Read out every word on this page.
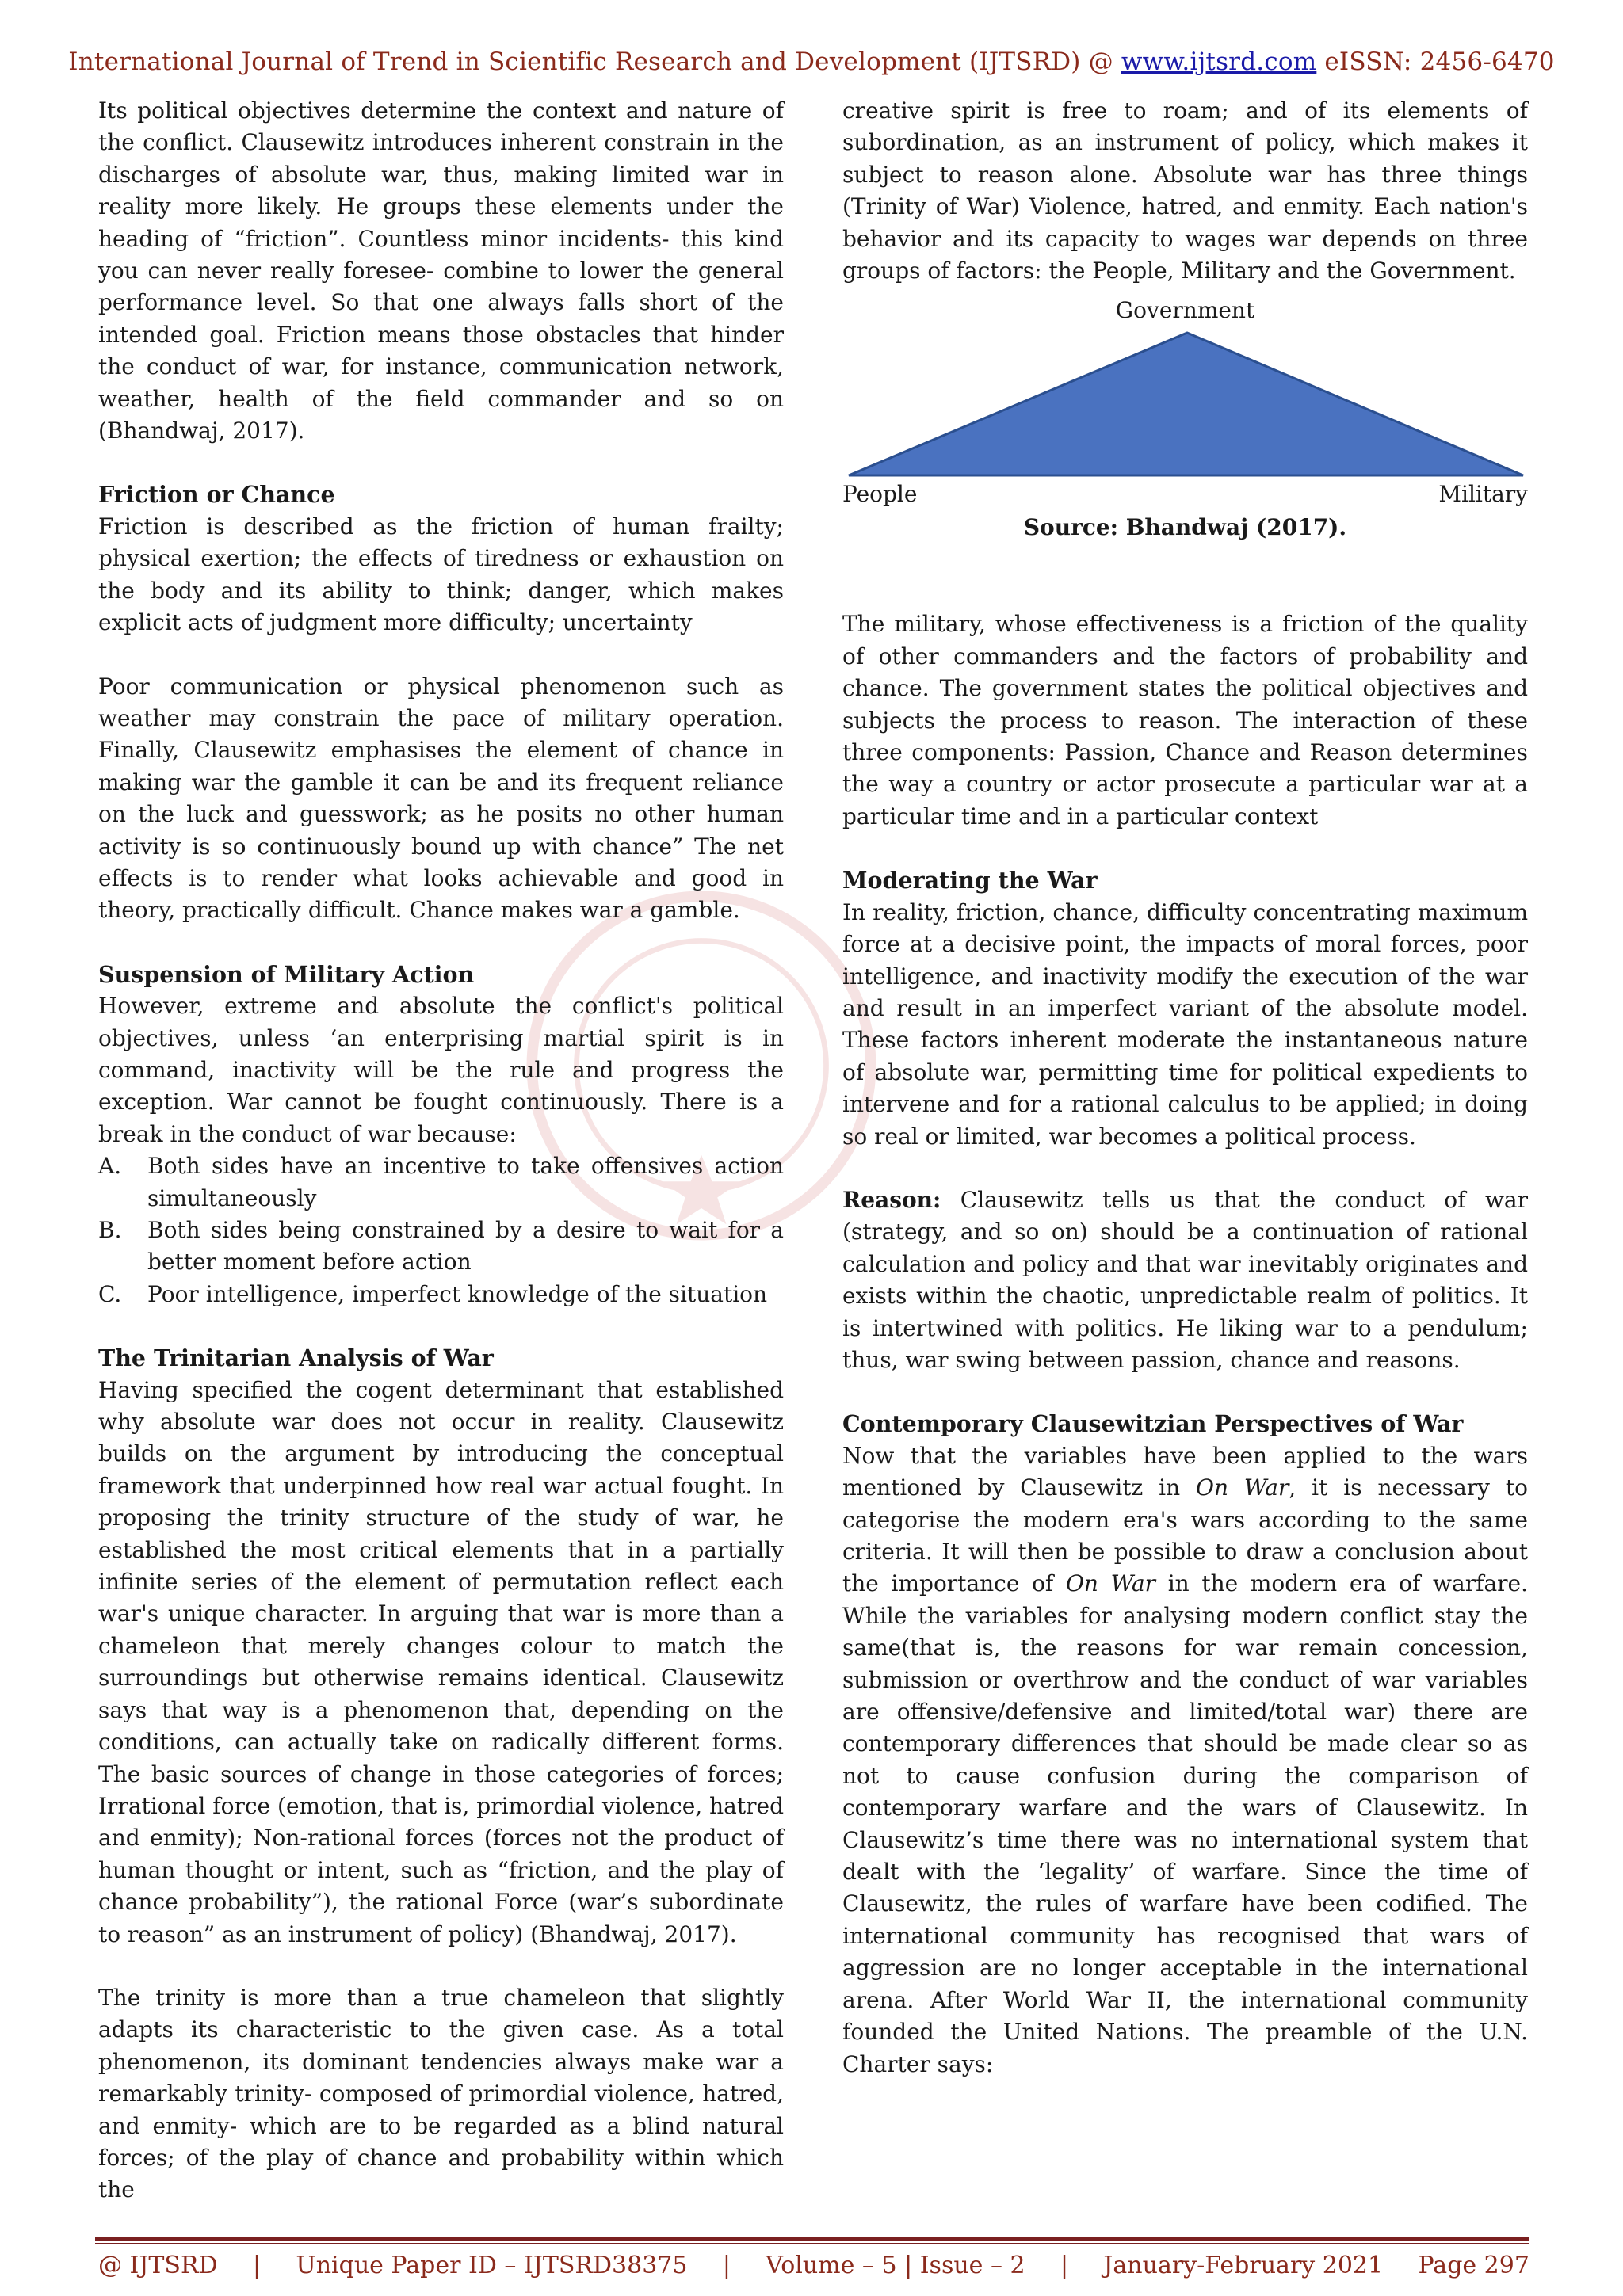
International Journal of Trend in Scientific Research and Development (IJTSRD) @ www.ijtsrd.com eISSN: 2456-6470

Its political objectives determine the context and nature of the conflict. Clausewitz introduces inherent constrain in the discharges of absolute war, thus, making limited war in reality more likely. He groups these elements under the heading of “friction”. Countless minor incidents- this kind you can never really foresee- combine to lower the general performance level. So that one always falls short of the intended goal. Friction means those obstacles that hinder the conduct of war, for instance, communication network, weather, health of the field commander and so on (Bhandwaj, 2017).

Friction or Chance

Friction is described as the friction of human frailty; physical exertion; the effects of tiredness or exhaustion on the body and its ability to think; danger, which makes explicit acts of judgment more difficulty; uncertainty

Poor communication or physical phenomenon such as weather may constrain the pace of military operation. Finally, Clausewitz emphasises the element of chance in making war the gamble it can be and its frequent reliance on the luck and guesswork; as he posits no other human activity is so continuously bound up with chance” The net effects is to render what looks achievable and good in theory, practically difficult. Chance makes war a gamble.

Suspension of Military Action

However, extreme and absolute the conflict's political objectives, unless ‘an enterprising martial spirit is in command, inactivity will be the rule and progress the exception. War cannot be fought continuously. There is a break in the conduct of war because:

A. Both sides have an incentive to take offensives action simultaneously
B. Both sides being constrained by a desire to wait for a better moment before action
C. Poor intelligence, imperfect knowledge of the situation
The Trinitarian Analysis of War

Having specified the cogent determinant that established why absolute war does not occur in reality. Clausewitz builds on the argument by introducing the conceptual framework that underpinned how real war actual fought. In proposing the trinity structure of the study of war, he established the most critical elements that in a partially infinite series of the element of permutation reflect each war's unique character. In arguing that war is more than a chameleon that merely changes colour to match the surroundings but otherwise remains identical. Clausewitz says that way is a phenomenon that, depending on the conditions, can actually take on radically different forms. The basic sources of change in those categories of forces; Irrational force (emotion, that is, primordial violence, hatred and enmity); Non-rational forces (forces not the product of human thought or intent, such as “friction, and the play of chance probability”), the rational Force (war’s subordinate to reason” as an instrument of policy) (Bhandwaj, 2017).

The trinity is more than a true chameleon that slightly adapts its characteristic to the given case. As a total phenomenon, its dominant tendencies always make war a remarkably trinity- composed of primordial violence, hatred, and enmity- which are to be regarded as a blind natural forces; of the play of chance and probability within which the

creative spirit is free to roam; and of its elements of subordination, as an instrument of policy, which makes it subject to reason alone. Absolute war has three things (Trinity of War) Violence, hatred, and enmity. Each nation's behavior and its capacity to wages war depends on three groups of factors: the People, Military and the Government.

Government
People	Military
Source: Bhandwaj (2017).

The military, whose effectiveness is a friction of the quality of other commanders and the factors of probability and chance. The government states the political objectives and subjects the process to reason. The interaction of these three components: Passion, Chance and Reason determines the way a country or actor prosecute a particular war at a particular time and in a particular context

Moderating the War

In reality, friction, chance, difficulty concentrating maximum force at a decisive point, the impacts of moral forces, poor intelligence, and inactivity modify the execution of the war and result in an imperfect variant of the absolute model. These factors inherent moderate the instantaneous nature of absolute war, permitting time for political expedients to intervene and for a rational calculus to be applied; in doing so real or limited, war becomes a political process.

Reason: Clausewitz tells us that the conduct of war (strategy, and so on) should be a continuation of rational calculation and policy and that war inevitably originates and exists within the chaotic, unpredictable realm of politics. It is intertwined with politics. He liking war to a pendulum; thus, war swing between passion, chance and reasons.

Contemporary Clausewitzian Perspectives of War

Now that the variables have been applied to the wars mentioned by Clausewitz in On War, it is necessary to categorise the modern era's wars according to the same criteria. It will then be possible to draw a conclusion about the importance of On War in the modern era of warfare. While the variables for analysing modern conflict stay the same(that is, the reasons for war remain concession, submission or overthrow and the conduct of war variables are offensive/defensive and limited/total war) there are contemporary differences that should be made clear so as not to cause confusion during the comparison of contemporary warfare and the wars of Clausewitz. In Clausewitz’s time there was no international system that dealt with the ‘legality’ of warfare. Since the time of Clausewitz, the rules of warfare have been codified. The international community has recognised that wars of aggression are no longer acceptable in the international arena. After World War II, the international community founded the United Nations. The preamble of the U.N. Charter says:

@ IJTSRD | Unique Paper ID – IJTSRD38375 | Volume – 5 | Issue – 2 | January-February 2021 Page 297
